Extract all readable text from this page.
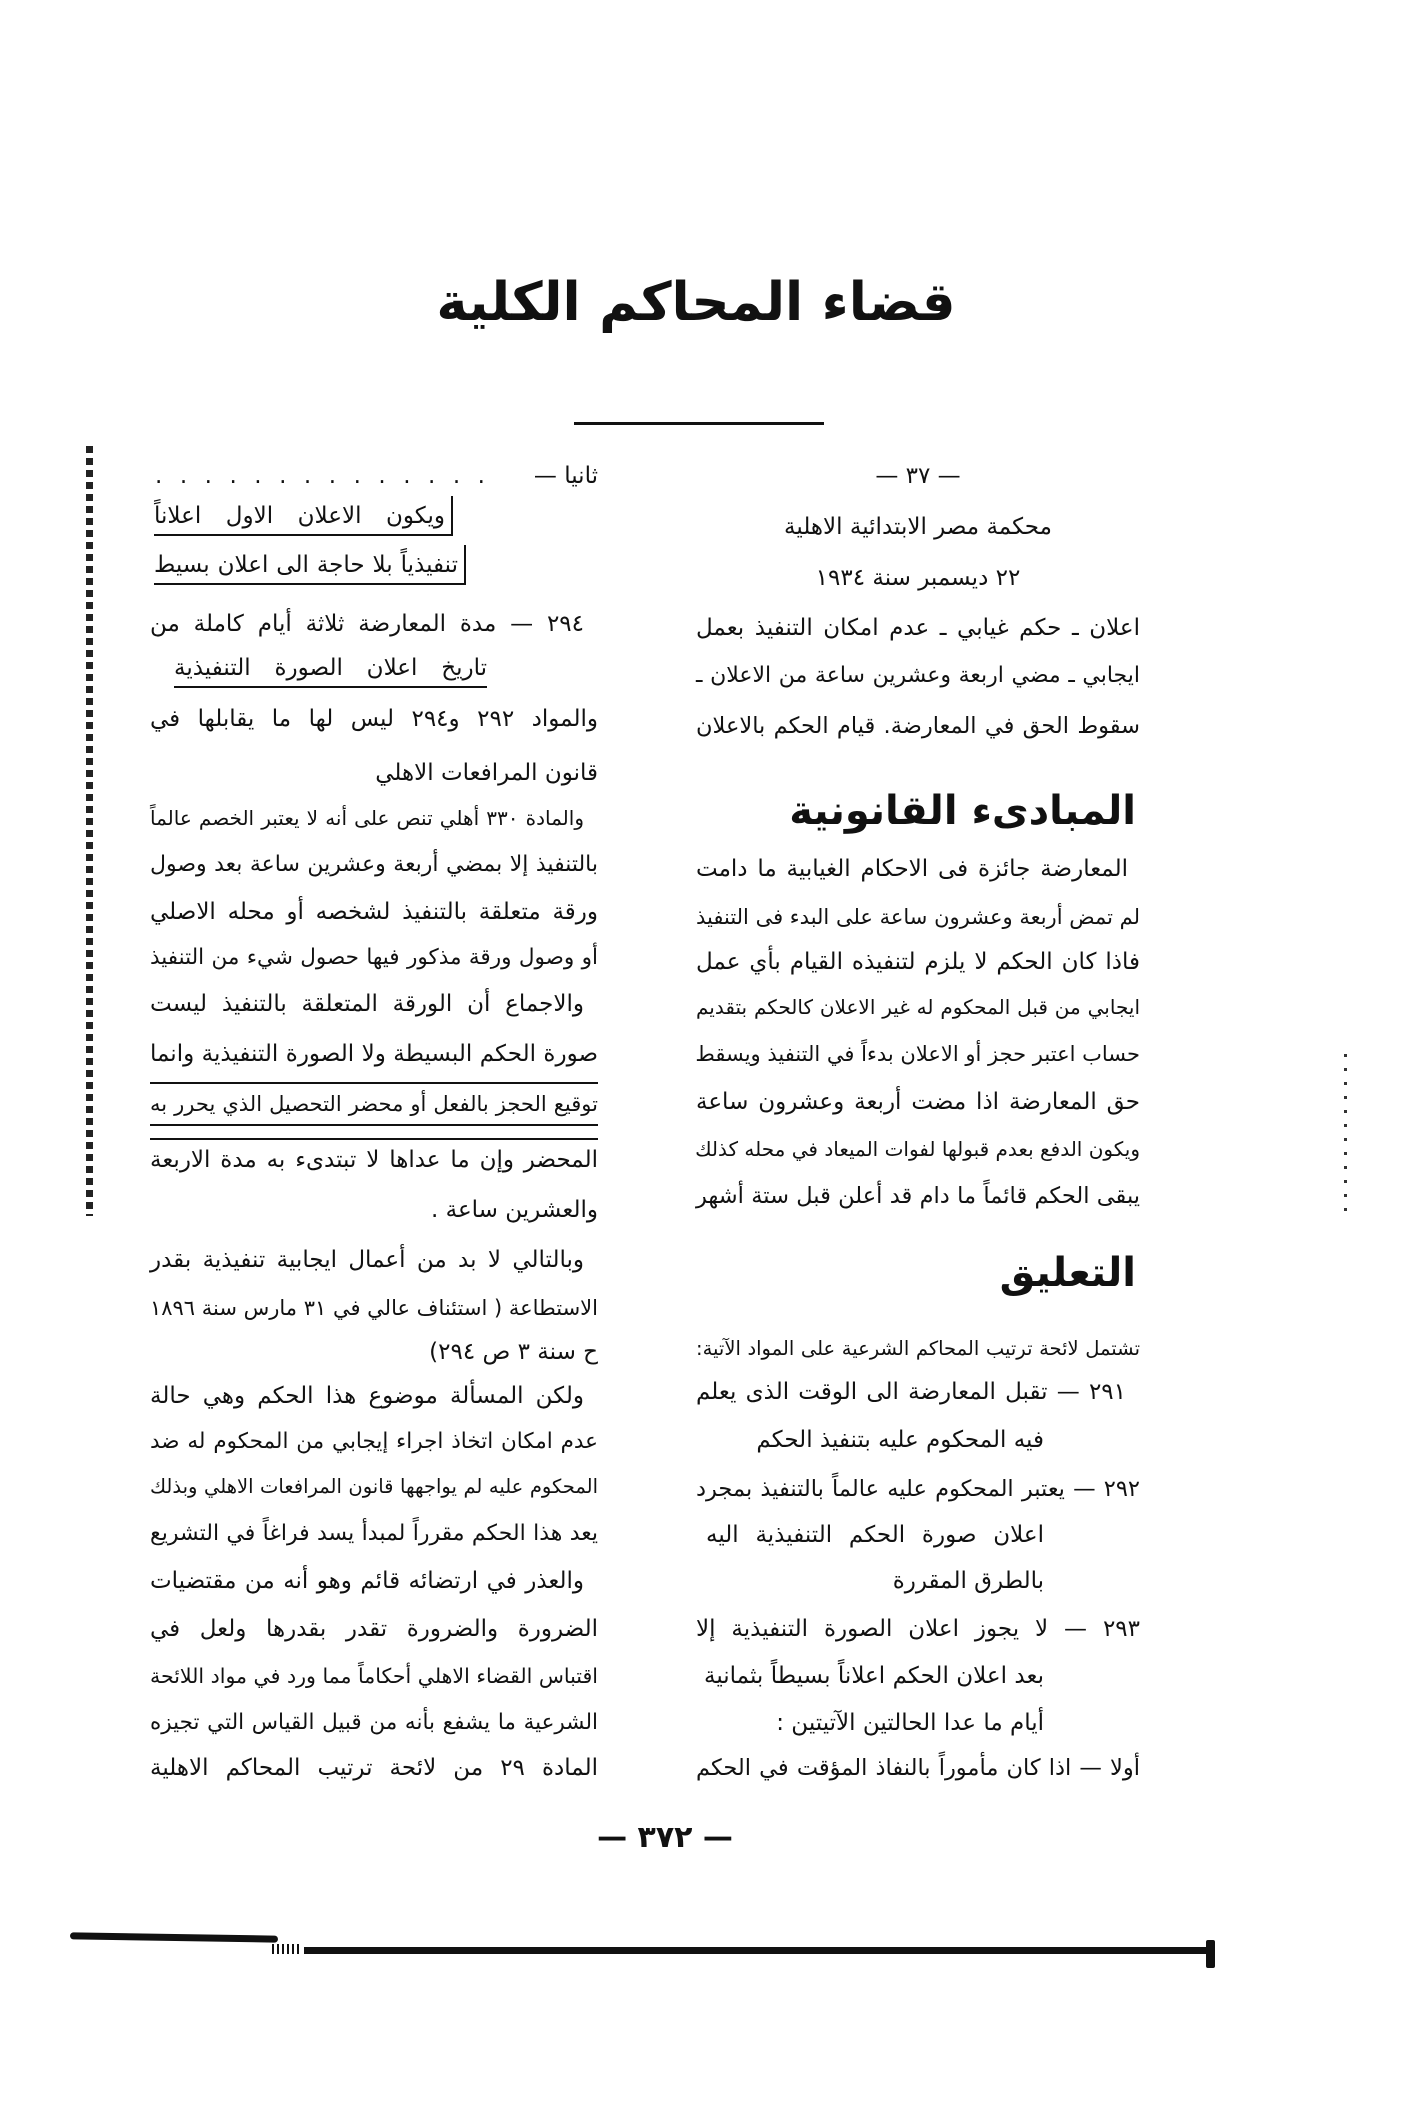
قضاء المحاكم الكلية
— ٣٧ —
محكمة مصر الابتدائية الاهلية
٢٢ ديسمبر سنة ١٩٣٤
اعلان ـ حكم غيابي ـ عدم امكان التنفيذ بعمل
ايجابي ـ مضي اربعة وعشرين ساعة من الاعلان ـ
سقوط الحق في المعارضة. قيام الحكم بالاعلان
المبادىء القانونية
المعارضة جائزة فى الاحكام الغيابية ما دامت
لم تمض أربعة وعشرون ساعة على البدء فى التنفيذ
فاذا كان الحكم لا يلزم لتنفيذه القيام بأي عمل
ايجابي من قبل المحكوم له غير الاعلان كالحكم بتقديم
حساب اعتبر حجز أو الاعلان بدءاً في التنفيذ ويسقط
حق المعارضة اذا مضت أربعة وعشرون ساعة
ويكون الدفع بعدم قبولها لفوات الميعاد في محله كذلك
يبقى الحكم قائماً ما دام قد أعلن قبل ستة أشهر
التعليق
تشتمل لائحة ترتيب المحاكم الشرعية على المواد الآتية:
٢٩١ — تقبل المعارضة الى الوقت الذى يعلم
فيه المحكوم عليه بتنفيذ الحكم
٢٩٢ — يعتبر المحكوم عليه عالماً بالتنفيذ بمجرد
اعلان صورة الحكم التنفيذية اليه
بالطرق المقررة
٢٩٣ — لا يجوز اعلان الصورة التنفيذية إلا
بعد اعلان الحكم اعلاناً بسيطاً بثمانية
أيام ما عدا الحالتين الآتيتين :
أولا — اذا كان مأموراً بالنفاذ المؤقت في الحكم
ثانيا —
. . . . . . . . . . . . . .
ويكون الاعلان الاول اعلاناً
تنفيذياً بلا حاجة الى اعلان بسيط
٢٩٤ — مدة المعارضة ثلاثة أيام كاملة من
تاريخ اعلان الصورة التنفيذية
والمواد ٢٩٢ و٢٩٤ ليس لها ما يقابلها في
قانون المرافعات الاهلي
والمادة ٣٣٠ أهلي تنص على أنه لا يعتبر الخصم عالماً
بالتنفيذ إلا بمضي أربعة وعشرين ساعة بعد وصول
ورقة متعلقة بالتنفيذ لشخصه أو محله الاصلي
أو وصول ورقة مذكور فيها حصول شيء من التنفيذ
والاجماع أن الورقة المتعلقة بالتنفيذ ليست
صورة الحكم البسيطة ولا الصورة التنفيذية وانما
توقيع الحجز بالفعل أو محضر التحصيل الذي يحرر به
المحضر وإن ما عداها لا تبتدىء به مدة الاربعة
والعشرين ساعة .
وبالتالي لا بد من أعمال ايجابية تنفيذية بقدر
الاستطاعة ( استئناف عالي في ٣١ مارس سنة ١٨٩٦
ح سنة ٣ ص ٢٩٤)
ولكن المسألة موضوع هذا الحكم وهي حالة
عدم امكان اتخاذ اجراء إيجابي من المحكوم له ضد
المحكوم عليه لم يواجهها قانون المرافعات الاهلي وبذلك
يعد هذا الحكم مقرراً لمبدأ يسد فراغاً في التشريع
والعذر في ارتضائه قائم وهو أنه من مقتضيات
الضرورة والضرورة تقدر بقدرها ولعل في
اقتباس القضاء الاهلي أحكاماً مما ورد في مواد اللائحة
الشرعية ما يشفع بأنه من قبيل القياس التي تجيزه
المادة ٢٩ من لائحة ترتيب المحاكم الاهلية
— ٣٧٢ —
